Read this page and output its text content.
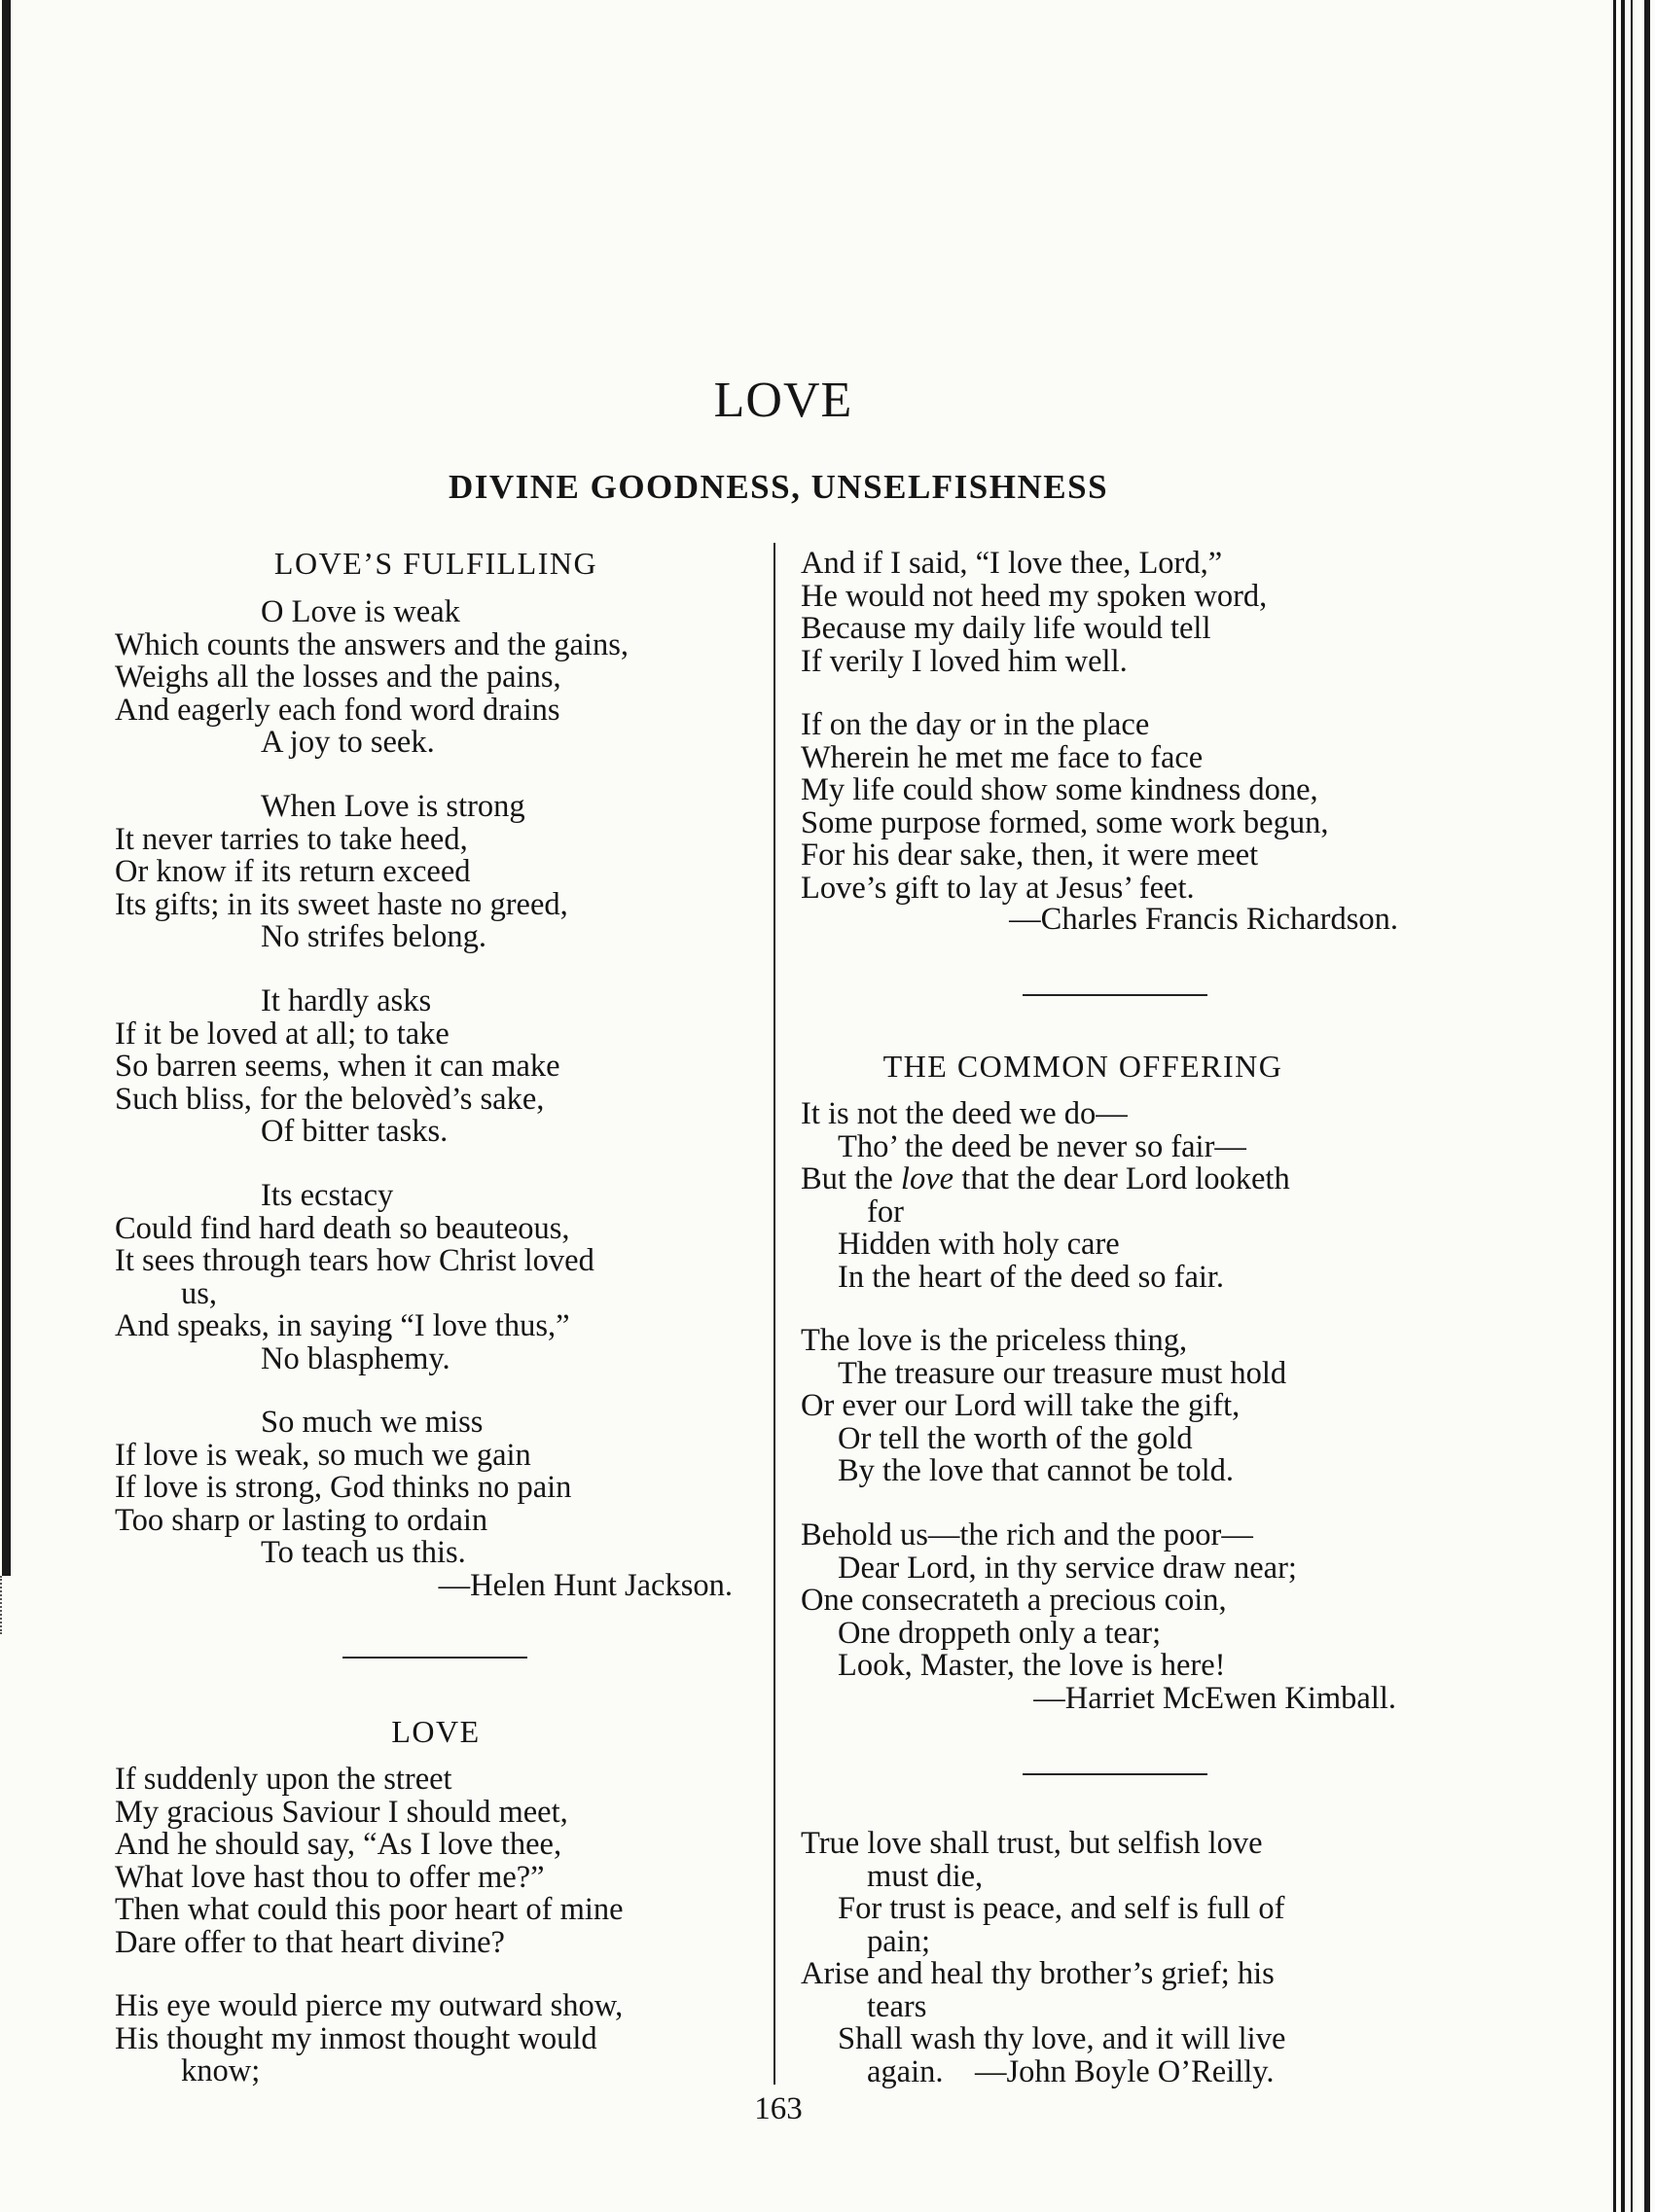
LOVE
DIVINE GOODNESS, UNSELFISHNESS
LOVE’S FULFILLING
O Love is weak
Which counts the answers and the gains,
Weighs all the losses and the pains,
And eagerly each fond word drains
A joy to seek.
When Love is strong
It never tarries to take heed,
Or know if its return exceed
Its gifts; in its sweet haste no greed,
No strifes belong.
It hardly asks
If it be loved at all; to take
So barren seems, when it can make
Such bliss, for the belovèd’s sake,
Of bitter tasks.
Its ecstacy
Could find hard death so beauteous,
It sees through tears how Christ loved
us,
And speaks, in saying “I love thus,”
No blasphemy.
So much we miss
If love is weak, so much we gain
If love is strong, God thinks no pain
Too sharp or lasting to ordain
To teach us this.
—Helen Hunt Jackson.
LOVE
If suddenly upon the street
My gracious Saviour I should meet,
And he should say, “As I love thee,
What love hast thou to offer me?”
Then what could this poor heart of mine
Dare offer to that heart divine?
His eye would pierce my outward show,
His thought my inmost thought would
know;
And if I said, “I love thee, Lord,”
He would not heed my spoken word,
Because my daily life would tell
If verily I loved him well.
If on the day or in the place
Wherein he met me face to face
My life could show some kindness done,
Some purpose formed, some work begun,
For his dear sake, then, it were meet
Love’s gift to lay at Jesus’ feet.
—Charles Francis Richardson.
THE COMMON OFFERING
It is not the deed we do—
Tho’ the deed be never so fair—
But the love that the dear Lord looketh
for
Hidden with holy care
In the heart of the deed so fair.
The love is the priceless thing,
The treasure our treasure must hold
Or ever our Lord will take the gift,
Or tell the worth of the gold
By the love that cannot be told.
Behold us—the rich and the poor—
Dear Lord, in thy service draw near;
One consecrateth a precious coin,
One droppeth only a tear;
Look, Master, the love is here!
—Harriet McEwen Kimball.
True love shall trust, but selfish love
must die,
For trust is peace, and self is full of
pain;
Arise and heal thy brother’s grief; his
tears
Shall wash thy love, and it will live
again. —John Boyle O’Reilly.
163
